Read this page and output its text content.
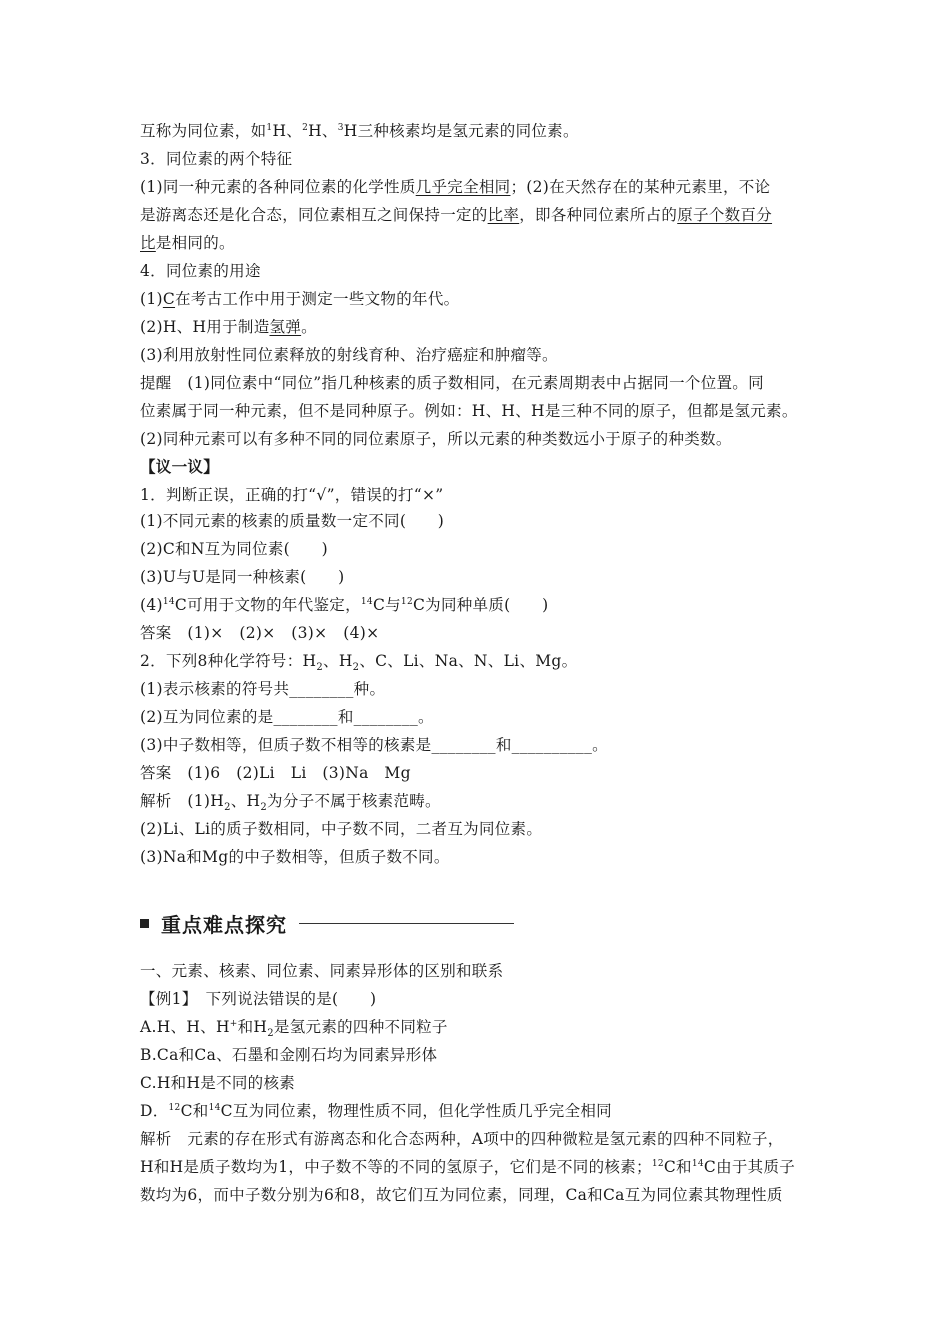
互称为同位素，如$^1$H、$^2$H、$^3$H三种核素均是氢元素的同位素。
3．同位素的两个特征
(1)同一种元素的各种同位素的化学性质几乎完全相同；(2)在天然存在的某种元素里，不论
是游离态还是化合态，同位素相互之间保持一定的比率，即各种同位素所占的原子个数百分
比是相同的。
4．同位素的用途
(1)C在考古工作中用于测定一些文物的年代。
(2)H、H用于制造氢弹。
(3)利用放射性同位素释放的射线育种、治疗癌症和肿瘤等。
提醒　(1)同位素中“同位”指几种核素的质子数相同，在元素周期表中占据同一个位置。同
位素属于同一种元素，但不是同种原子。例如：H、H、H是三种不同的原子，但都是氢元素。
(2)同种元素可以有多种不同的同位素原子，所以元素的种类数远小于原子的种类数。
【议一议】
1．判断正误，正确的打“√”，错误的打“×”
(1)不同元素的核素的质量数一定不同(　　)
(2)C和N互为同位素(　　)
(3)U与U是同一种核素(　　)
$(4)^{14}C$可用于文物的年代鉴定，$^{14}$C与$^{12}$C为同种单质(　　)
答案　(1)×　(2)×　(3)×　(4)×
2．下列8种化学符号：$H_2$、$H_2$、C、Li、Na、N、Li、Mg。
(1)表示核素的符号共________种。
(2)互为同位素的是________和________。
(3)中子数相等，但质子数不相等的核素是________和__________。
答案　(1)6　(2)Li　Li　(3)Na　Mg
解析　$(1)H_2$、$H_2$为分子不属于核素范畴。
(2)Li、Li的质子数相同，中子数不同，二者互为同位素。
(3)Na和Mg的中子数相等，但质子数不同。
重点难点探究
一、元素、核素、同位素、同素异形体的区别和联系
【例1】　下列说法错误的是(　　)
A.H、H、H+和$H_2$是氢元素的四种不同粒子
B.Ca和Ca、石墨和金刚石均为同素异形体
C.H和H是不同的核素
D．$^{12}$C和$^{14}$C互为同位素，物理性质不同，但化学性质几乎完全相同
解析　元素的存在形式有游离态和化合态两种，A项中的四种微粒是氢元素的四种不同粒子，
H和H是质子数均为1，中子数不等的不同的氢原子，它们是不同的核素；$^{12}$C和$^{14}$C由于其质子
数均为6，而中子数分别为6和8，故它们互为同位素，同理，Ca和Ca互为同位素其物理性质
